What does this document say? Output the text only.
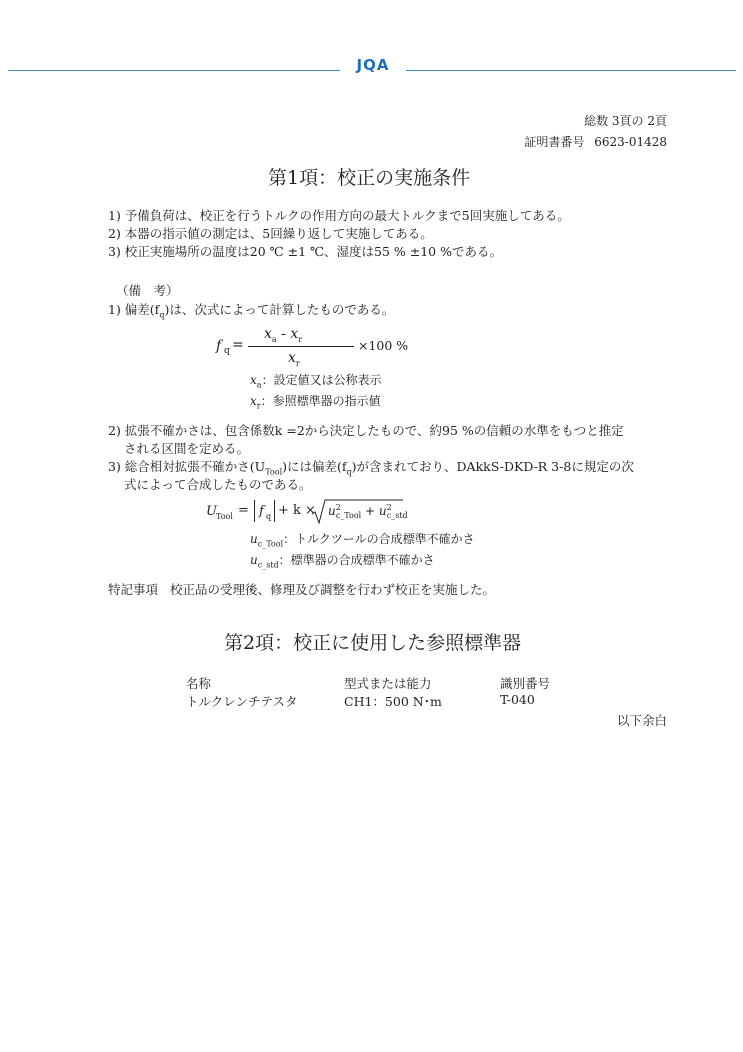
JQA
総数 3頁の 2頁
証明書番号 6623-01428
第1項：校正の実施条件
1) 予備負荷は、校正を行うトルクの作用方向の最大トルクまで5回実施してある。
2) 本器の指示値の測定は、5回繰り返して実施してある。
3) 校正実施場所の温度は20 ℃ ±1 ℃、湿度は55 % ±10 %である。
（備　考）
1) 偏差$(f_q)$は、次式によって計算したものである。
f q =
$x_a - x_r$
$x_r$
×100 %
$x_a$：設定値又は公称表示
$x_r$：参照標準器の指示値
2) 拡張不確かさは、包含係数k =2から決定したもので、約95 %の信頼の水準をもつと推定
される区間を定める。
3) 総合相対拡張不確かさ$(U_{Tool})$には偏差$(f_q)$が含まれており、DAkkS-DKD-R 3-8に規定の次
式によって合成したものである。
U Tool = f $q + k \times u^2_{c\_Tool} + u^2_{c\_std}$
$u_{c\_Tool}$：トルクツールの合成標準不確かさ
$u_{c\_std}$：標準器の合成標準不確かさ
特記事項 校正品の受理後、修理及び調整を行わず校正を実施した。
第2項：校正に使用した参照標準器
名称	型式または能力	識別番号
トルクレンチテスタ	CH1：500 N･m	T-040
以下余白
